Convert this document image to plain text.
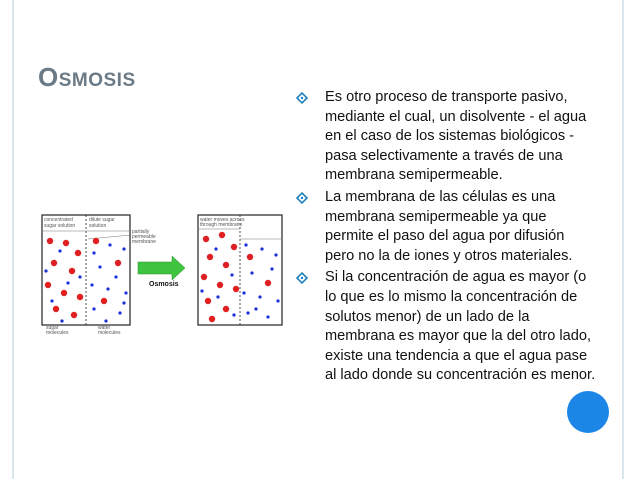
OSMOSIS
concentrated
sugar solution
dilute sugar
solution
partially
permeable
membrane
sugar
molecules
water
molecules
Osmosis
water moves across
through membrane
Es otro proceso de transporte pasivo, mediante el cual, un disolvente - el agua en el caso de los sistemas biológicos - pasa selectivamente a través de una membrana semipermeable.
La membrana de las células es una membrana semipermeable ya que permite el paso del agua por difusión pero no la de iones y otros materiales.
Si la concentración de agua es mayor (o lo que es lo mismo la concentración de solutos menor) de un lado de la membrana es mayor que la del otro lado, existe una tendencia a que el agua pase al lado donde su concentración es menor.
